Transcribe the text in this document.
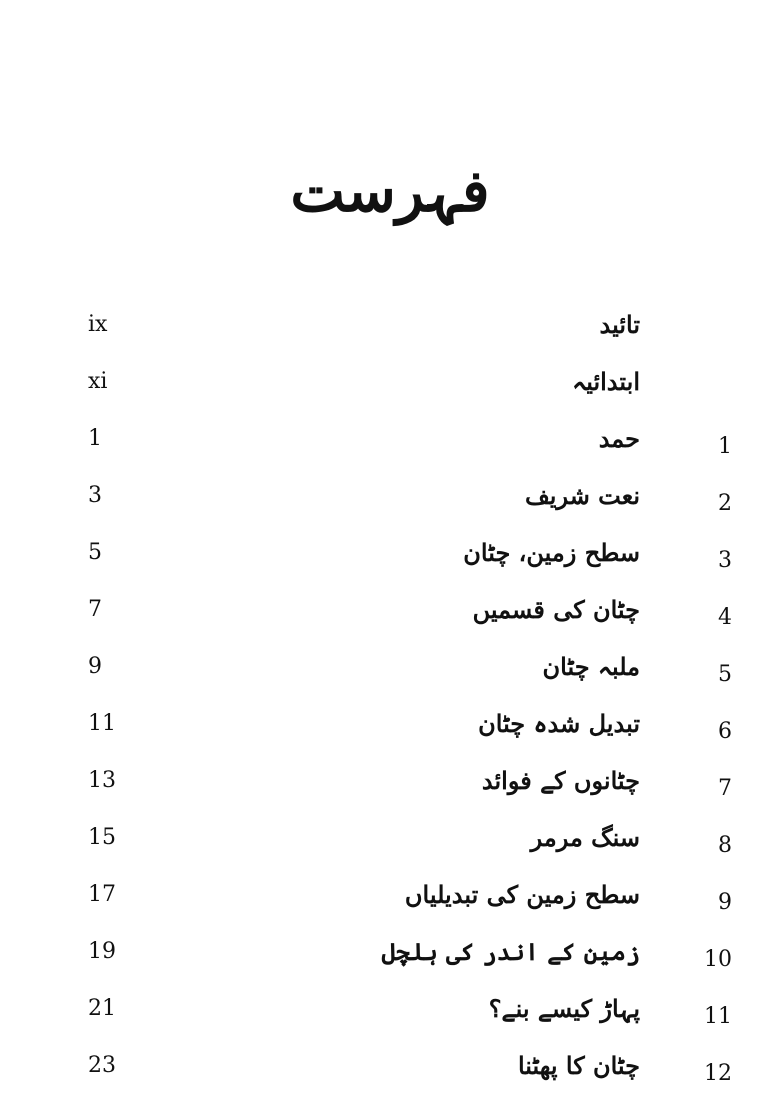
فہرست
تائید
ix
ابتدائیہ
xi
1
حمد
1
2
نعت شریف
3
3
سطح زمین، چٹان
5
4
چٹان کی قسمیں
7
5
ملبہ چٹان
9
6
تبدیل شدہ چٹان
11
7
چٹانوں کے فوائد
13
8
سنگ مرمر
15
9
سطح زمین کی تبدیلیاں
17
10
زمین کے اندر کی ہلچل
19
11
پہاڑ کیسے بنے؟
21
12
چٹان کا پھٹنا
23
